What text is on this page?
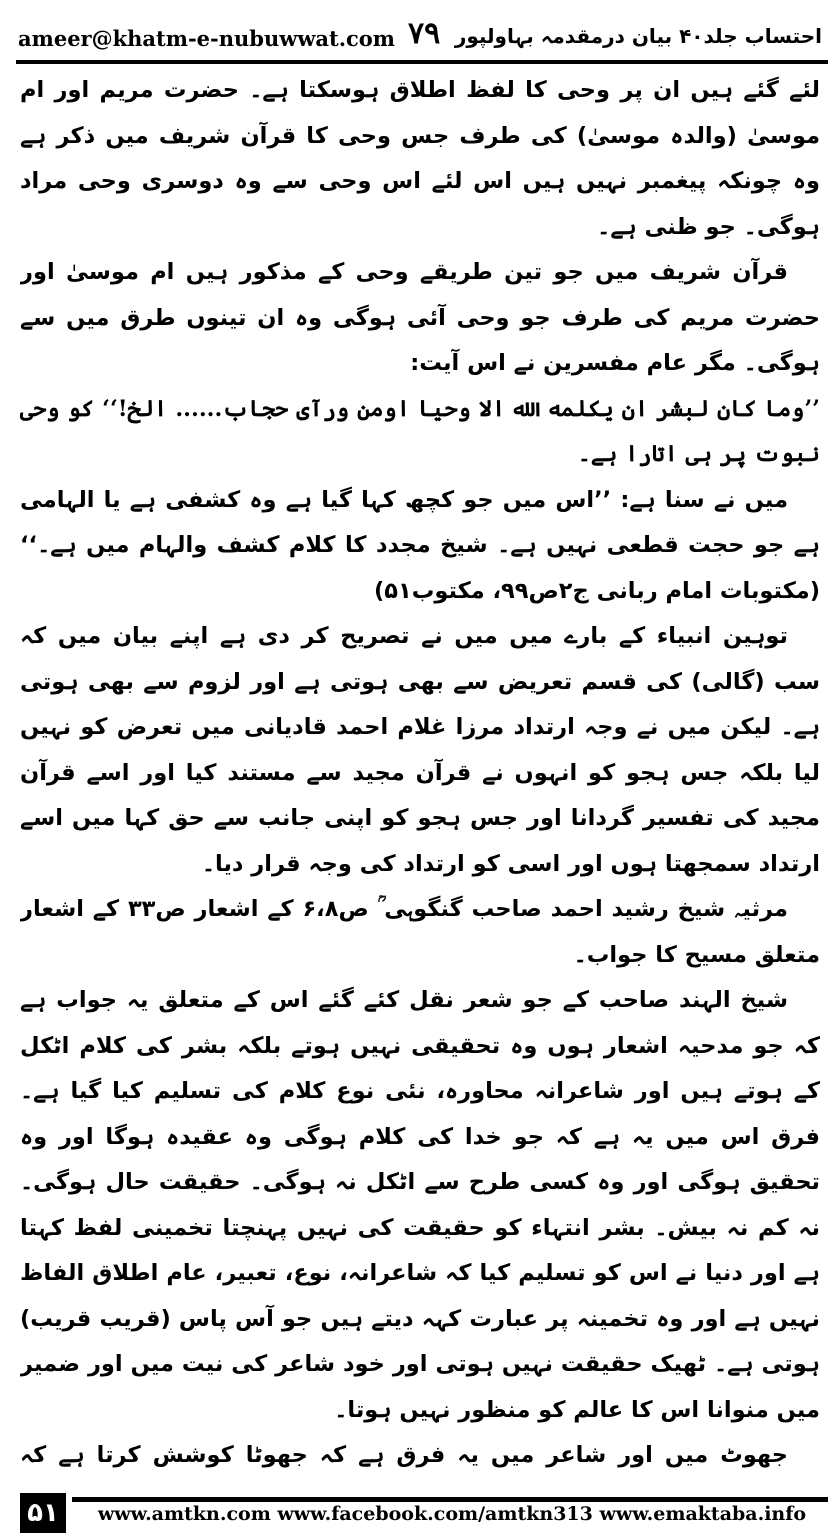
ameer@khatm-e-nubuwwat.com ۷۹ احتساب جلد۴۰ بیان درمقدمہ بہاولپور

لئے گئے ہیں ان پر وحی کا لفظ اطلاق ہوسکتا ہے۔ حضرت مریم اور ام موسیٰ (والدہ موسیٰ) کی طرف جس وحی کا قرآن شریف میں ذکر ہے وہ چونکہ پیغمبر نہیں ہیں اس لئے اس وحی سے وہ دوسری وحی مراد ہوگی۔ جو ظنی ہے۔

قرآن شریف میں جو تین طریقے وحی کے مذکور ہیں ام موسیٰ اور حضرت مریم کی طرف جو وحی آئی ہوگی وہ ان تینوں طرق میں سے ہوگی۔ مگر عام مفسرین نے اس آیت:

’’وما کان لبشر ان یکلمه الله الا وحیا اومن ورآی حجاب...... الخ!‘‘ کو وحی نبوت پر ہی اتارا ہے۔

میں نے سنا ہے: ’’اس میں جو کچھ کہا گیا ہے وہ کشفی ہے یا الہامی ہے جو حجت قطعی نہیں ہے۔ شیخ مجدد کا کلام کشف والہام میں ہے۔‘‘ (مکتوبات امام ربانی ج۲ص۹۹، مکتوب۵۱)

توہین انبیاء کے بارے میں میں نے تصریح کر دی ہے اپنے بیان میں کہ سب (گالی) کی قسم تعریض سے بھی ہوتی ہے اور لزوم سے بھی ہوتی ہے۔ لیکن میں نے وجہ ارتداد مرزا غلام احمد قادیانی میں تعرض کو نہیں لیا بلکہ جس ہجو کو انہوں نے قرآن مجید سے مستند کیا اور اسے قرآن مجید کی تفسیر گردانا اور جس ہجو کو اپنی جانب سے حق کہا میں اسے ارتداد سمجھتا ہوں اور اسی کو ارتداد کی وجہ قرار دیا۔

مرثیہ شیخ رشید احمد صاحب گنگوہی ؒ ص۶،۸ کے اشعار ص۳۳ کے اشعار متعلق مسیح کا جواب۔

شیخ الہند صاحب کے جو شعر نقل کئے گئے اس کے متعلق یہ جواب ہے کہ جو مدحیہ اشعار ہوں وہ تحقیقی نہیں ہوتے بلکہ بشر کی کلام اٹکل کے ہوتے ہیں اور شاعرانہ محاورہ، نئی نوع کلام کی تسلیم کیا گیا ہے۔ فرق اس میں یہ ہے کہ جو خدا کی کلام ہوگی وہ عقیدہ ہوگا اور وہ تحقیق ہوگی اور وہ کسی طرح سے اٹکل نہ ہوگی۔ حقیقت حال ہوگی۔ نہ کم نہ بیش۔ بشر انتہاء کو حقیقت کی نہیں پہنچتا تخمینی لفظ کہتا ہے اور دنیا نے اس کو تسلیم کیا کہ شاعرانہ، نوع، تعبیر، عام اطلاق الفاظ نہیں ہے اور وہ تخمینہ پر عبارت کہہ دیتے ہیں جو آس پاس (قریب قریب) ہوتی ہے۔ ٹھیک حقیقت نہیں ہوتی اور خود شاعر کی نیت میں اور ضمیر میں منوانا اس کا عالم کو منظور نہیں ہوتا۔

جھوٹ میں اور شاعر میں یہ فرق ہے کہ جھوٹا کوشش کرتا ہے کہ

۵۱	www.amtkn.com www.facebook.com/amtkn313 www.emaktaba.info
